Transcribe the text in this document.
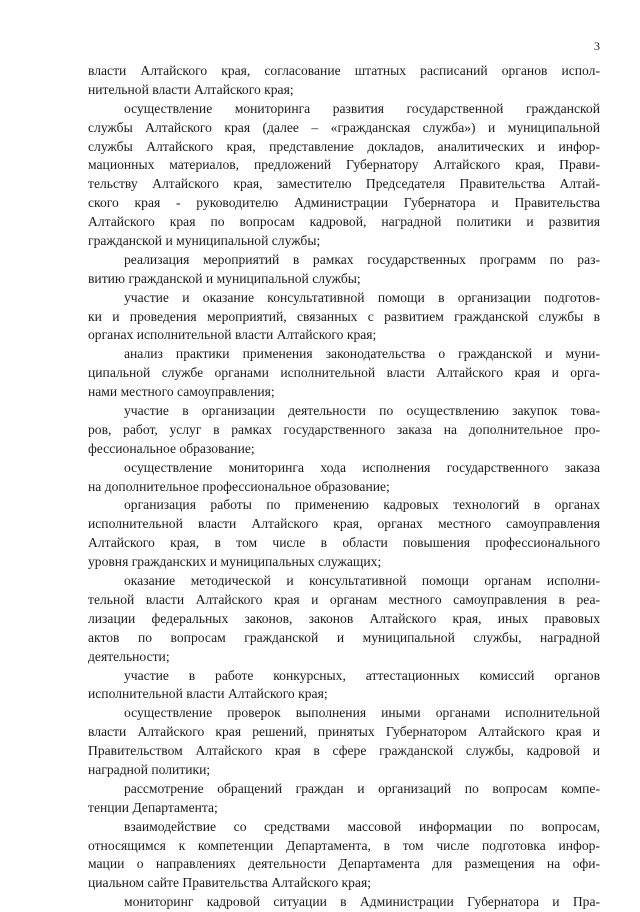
3
власти Алтайского края, согласование штатных расписаний органов испол-
нительной власти Алтайского края;
осуществление мониторинга развития государственной гражданской
службы Алтайского края (далее – «гражданская служба») и муниципальной
службы Алтайского края, представление докладов, аналитических и инфор-
мационных материалов, предложений Губернатору Алтайского края, Прави-
тельству Алтайского края, заместителю Председателя Правительства Алтай-
ского края - руководителю Администрации Губернатора и Правительства
Алтайского края по вопросам кадровой, наградной политики и развития
гражданской и муниципальной службы;
реализация мероприятий в рамках государственных программ по раз-
витию гражданской и муниципальной службы;
участие и оказание консультативной помощи в организации подготов-
ки и проведения мероприятий, связанных с развитием гражданской службы в
органах исполнительной власти Алтайского края;
анализ практики применения законодательства о гражданской и муни-
ципальной службе органами исполнительной власти Алтайского края и орга-
нами местного самоуправления;
участие в организации деятельности по осуществлению закупок това-
ров, работ, услуг в рамках государственного заказа на дополнительное про-
фессиональное образование;
осуществление мониторинга хода исполнения государственного заказа
на дополнительное профессиональное образование;
организация работы по применению кадровых технологий в органах
исполнительной власти Алтайского края, органах местного самоуправления
Алтайского края, в том числе в области повышения профессионального
уровня гражданских и муниципальных служащих;
оказание методической и консультативной помощи органам исполни-
тельной власти Алтайского края и органам местного самоуправления в реа-
лизации федеральных законов, законов Алтайского края, иных правовых
актов по вопросам гражданской и муниципальной службы, наградной
деятельности;
участие в работе конкурсных, аттестационных комиссий органов
исполнительной власти Алтайского края;
осуществление проверок выполнения иными органами исполнительной
власти Алтайского края решений, принятых Губернатором Алтайского края и
Правительством Алтайского края в сфере гражданской службы, кадровой и
наградной политики;
рассмотрение обращений граждан и организаций по вопросам компе-
тенции Департамента;
взаимодействие со средствами массовой информации по вопросам,
относящимся к компетенции Департамента, в том числе подготовка инфор-
мации о направлениях деятельности Департамента для размещения на офи-
циальном сайте Правительства Алтайского края;
мониторинг кадровой ситуации в Администрации Губернатора и Пра-
